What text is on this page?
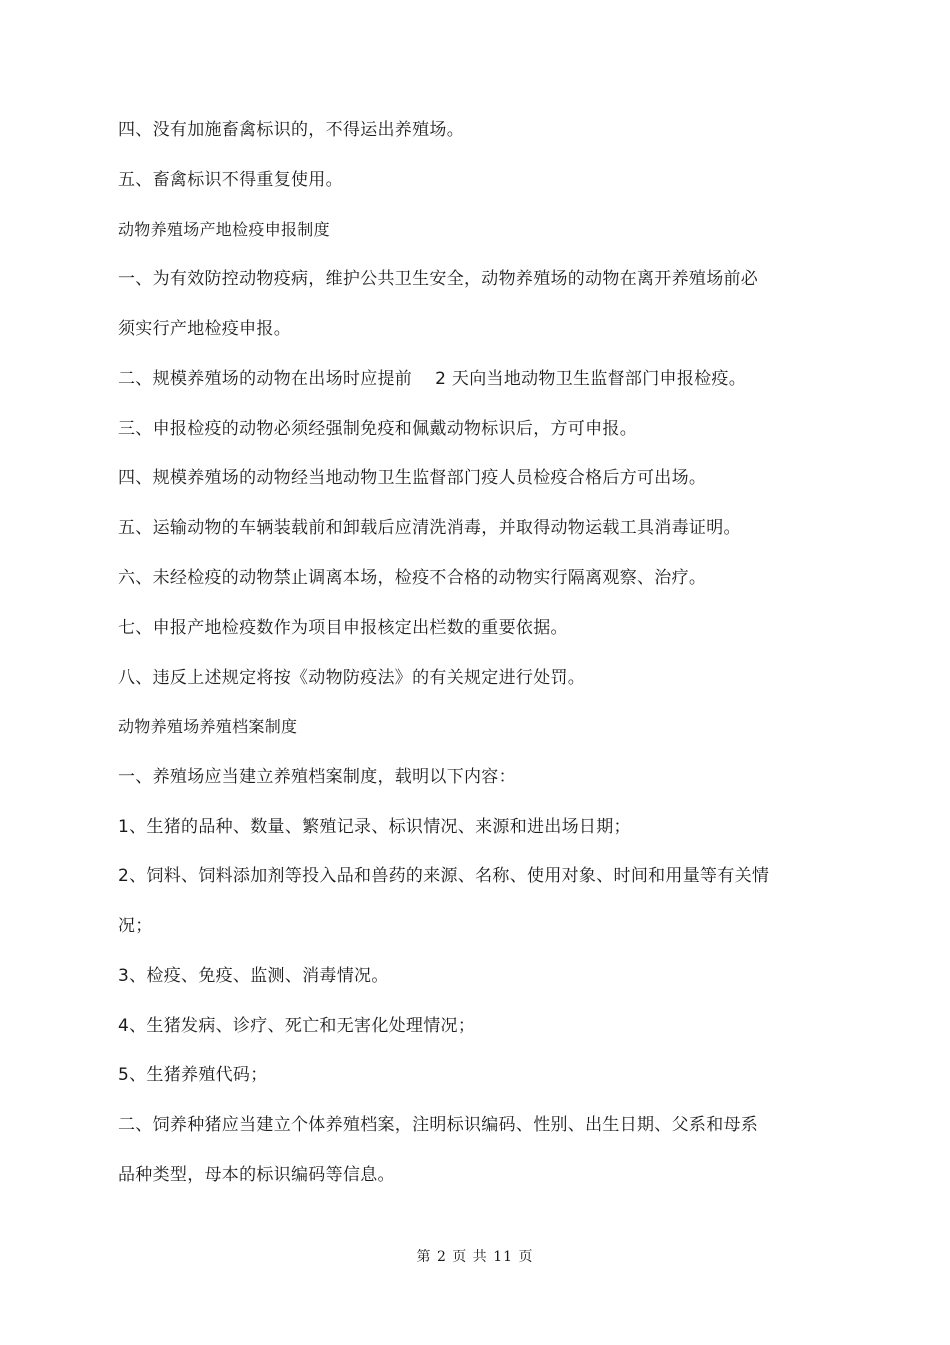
四、没有加施畜禽标识的，不得运出养殖场。
五、畜禽标识不得重复使用。
动物养殖场产地检疫申报制度
一、为有效防控动物疫病，维护公共卫生安全，动物养殖场的动物在离开养殖场前必
须实行产地检疫申报。
二、规模养殖场的动物在出场时应提前　 2 天向当地动物卫生监督部门申报检疫。
三、申报检疫的动物必须经强制免疫和佩戴动物标识后，方可申报。
四、规模养殖场的动物经当地动物卫生监督部门疫人员检疫合格后方可出场。
五、运输动物的车辆装载前和卸载后应清洗消毒，并取得动物运载工具消毒证明。
六、未经检疫的动物禁止调离本场，检疫不合格的动物实行隔离观察、治疗。
七、申报产地检疫数作为项目申报核定出栏数的重要依据。
八、违反上述规定将按《动物防疫法》的有关规定进行处罚。
动物养殖场养殖档案制度
一、养殖场应当建立养殖档案制度，载明以下内容：
1、生猪的品种、数量、繁殖记录、标识情况、来源和进出场日期；
2、饲料、饲料添加剂等投入品和兽药的来源、名称、使用对象、时间和用量等有关情
况；
3、检疫、免疫、监测、消毒情况。
4、生猪发病、诊疗、死亡和无害化处理情况；
5、生猪养殖代码；
二、饲养种猪应当建立个体养殖档案，注明标识编码、性别、出生日期、父系和母系
品种类型，母本的标识编码等信息。
第 2 页 共 11 页
